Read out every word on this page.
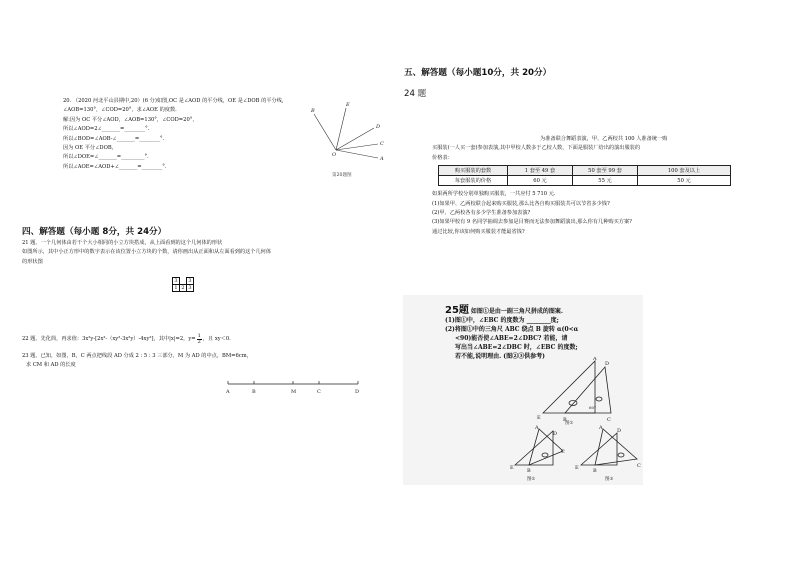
20. （2020 河北平山县期中,20）(6 分)如图,OC 是∠AOD 的平分线，OE 是∠DOB 的平分线,
∠AOB=130°，∠COD=20°，求∠AOE 的度数.
解:因为 OC 平分∠AOD，∠AOB=130°，∠COD=20°，
所以∠AOD=2∠_______=________°.
所以∠BOD=∠AOB-∠_______=________°.
因为 OE 平分∠DOB,
所以∠DOE=∠_______=_________°.
所以∠AOE=∠AOD+∠_______=________°.
E
D
C
A
B
O
第20题图
四、解答题（每小题 8分，共 24分）
21 题、一个几何体由若干个大小相同的小立方块搭成，从上面看到的这个几何体的形状
如图所示，其中小正方形中的数字表示在该位置小立方块的个数，请你画出从正面和从左面看到的这个几何体
的形状图
3		3
1	2	3
22 题、先化简，再求值：3x²y-[2x²-（xy²-3x²y）-4xy²]，其中|x|=2，$y= \frac{1}{2}$ ，且 xy＜0.
23 题、已知，如图，B，C 两点把线段 AD 分成 2 : 5 : 3 三部分，M 为 AD 的中点，BM=6cm，
求 CM 和 AD 的长度
A	B	M	C	D
五、解答题（每小题10分，共 20分）
24 题
为准备联合舞蹈表演，甲、乙两校共 100 人准备统一购
买服装(一人买一套)参加表演,其中甲校人数多于乙校人数，下面是服装厂给出的演出服装的
价格表：
购买服装的套数	1 套至 49 套	50 套至 99 套	100 套及以上
每套服装的价格	60 元	55 元	50 元
如果两所学校分别单独购买服装，一共应付 5 710 元.
(1)如果甲、乙两校联合起来购买服装,那么比各自购买服装共可以节省多少钱?
(2)甲、乙两校各有多少学生准备参加表演?
(3)如果甲校有 9 名同学抽调去参加是目赛而无法参加舞蹈演出,那么你有几种购买方案?
通过比较,你该如何购买服装才能最省钱?
25题 如图①是由一副三角尺拼成的图案.
(1)图①中，∠EBC 的度数为 ________度;
(2)将图①中的三角尺 ABC 绕点 B 旋转 α(0<α
<90)能否使∠ABE=2∠DBC? 若能，请
写出当∠ABE=2∠DBC 时，∠EBC 的度数;
若不能,说明理由. (图②③供参考)
E	B
A
C
D
60°
图①
A
D
E	B
C
A	D
E	B
C
图②	图③
